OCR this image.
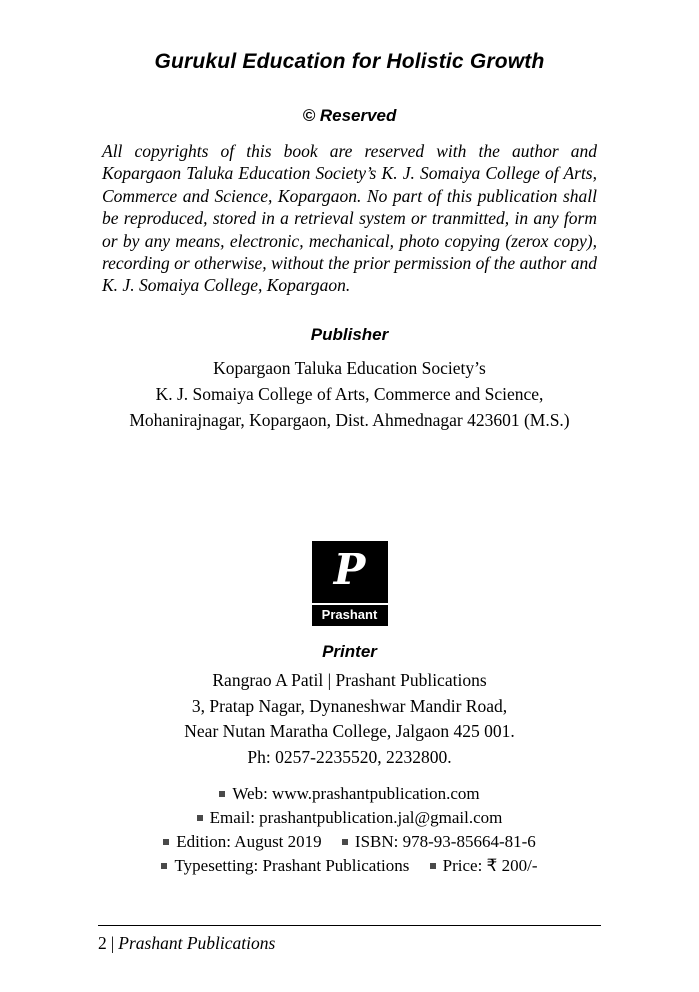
Gurukul Education for Holistic Growth
© Reserved

All copyrights of this book are reserved with the author and Kopargaon Taluka Education Society’s K. J. Somaiya College of Arts, Commerce and Science, Kopargaon. No part of this publication shall be reproduced, stored in a retrieval system or tranmitted, in any form or by any means, electronic, mechanical, photo copying (zerox copy), recording or otherwise, without the prior permission of the author and K. J. Somaiya College, Kopargaon.

Publisher
Kopargaon Taluka Education Society’s
K. J. Somaiya College of Arts, Commerce and Science,
Mohanirajnagar, Kopargaon, Dist. Ahmednagar 423601 (M.S.)
P
Prashant
Printer
Rangrao A Patil | Prashant Publications
3, Pratap Nagar, Dynaneshwar Mandir Road,
Near Nutan Maratha College, Jalgaon 425 001.
Ph: 0257-2235520, 2232800.
Web: www.prashantpublication.com
Email: prashantpublication.jal@gmail.com
Edition: August 2019 ISBN: 978-93-85664-81-6
Typesetting: Prashant Publications Price: ₹ 200/-
2 | Prashant Publications
